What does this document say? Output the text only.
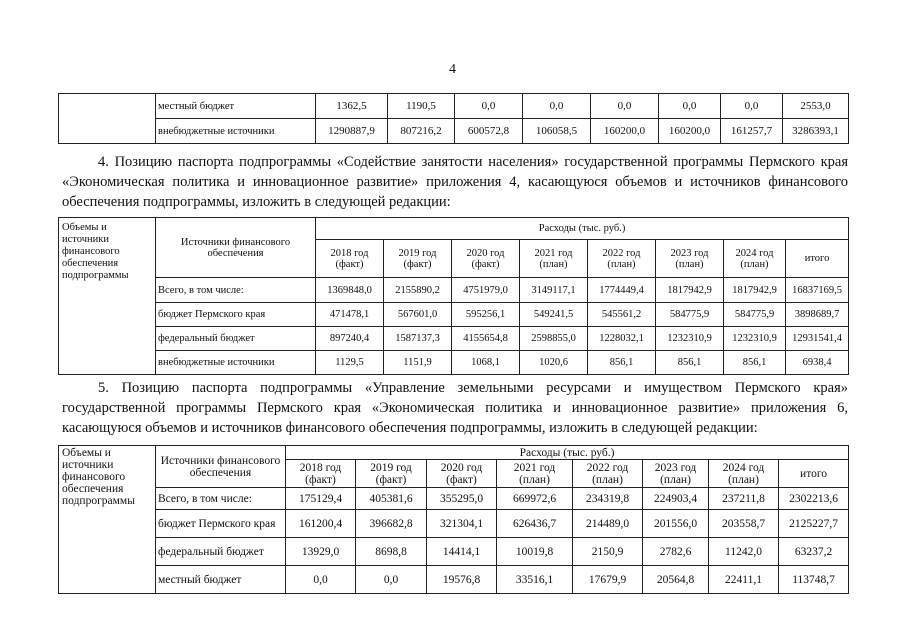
4
	местный бюджет	1362,5	1190,5	0,0	0,0	0,0	0,0	0,0	2553,0
	внебюджетные источники	1290887,9	807216,2	600572,8	106058,5	160200,0	160200,0	161257,7	3286393,1

4. Позицию паспорта подпрограммы «Содействие занятости населения» государственной программы Пермского края «Экономическая политика и инновационное развитие» приложения 4, касающуюся объемов и источников финансового обеспечения подпрограммы, изложить в следующей редакции:

Объемы и источники финансового обеспечения подпрограммы	Источники финансового обеспечения	Расходы (тыс. руб.)							
		2018 год (факт)	2019 год (факт)	2020 год (факт)	2021 год (план)	2022 год (план)	2023 год (план)	2024 год (план)	итого
	Всего, в том числе:	1369848,0	2155890,2	4751979,0	3149117,1	1774449,4	1817942,9	1817942,9	16837169,5
	бюджет Пермского края	471478,1	567601,0	595256,1	549241,5	545561,2	584775,9	584775,9	3898689,7
	федеральный бюджет	897240,4	1587137,3	4155654,8	2598855,0	1228032,1	1232310,9	1232310,9	12931541,4
	внебюджетные источники	1129,5	1151,9	1068,1	1020,6	856,1	856,1	856,1	6938,4

5. Позицию паспорта подпрограммы «Управление земельными ресурсами и имуществом Пермского края» государственной программы Пермского края «Экономическая политика и инновационное развитие» приложения 6, касающуюся объемов и источников финансового обеспечения подпрограммы, изложить в следующей редакции:

Объемы и источники финансового обеспечения подпрограммы	Источники финансового обеспечения	Расходы (тыс. руб.)							
		2018 год (факт)	2019 год (факт)	2020 год (факт)	2021 год (план)	2022 год (план)	2023 год (план)	2024 год (план)	итого
	Всего, в том числе:	175129,4	405381,6	355295,0	669972,6	234319,8	224903,4	237211,8	2302213,6
	бюджет Пермского края	161200,4	396682,8	321304,1	626436,7	214489,0	201556,0	203558,7	2125227,7
	федеральный бюджет	13929,0	8698,8	14414,1	10019,8	2150,9	2782,6	11242,0	63237,2
	местный бюджет	0,0	0,0	19576,8	33516,1	17679,9	20564,8	22411,1	113748,7
